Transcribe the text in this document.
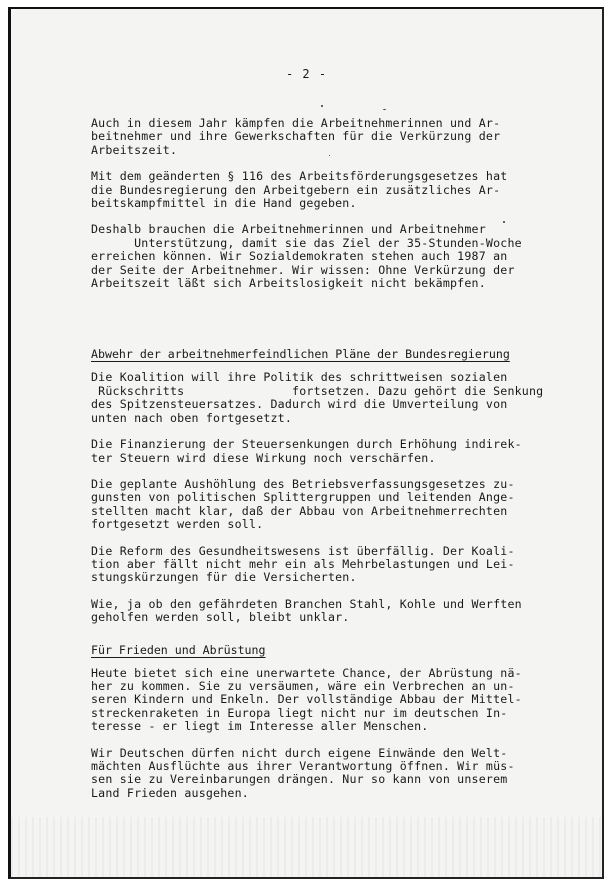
- 2 -

Auch in diesem Jahr kämpfen die Arbeitnehmerinnen und Ar-
beitnehmer und ihre Gewerkschaften für die Verkürzung der
Arbeitszeit.

Mit dem geänderten § 116 des Arbeitsförderungsgesetzes hat
die Bundesregierung den Arbeitgebern ein zusätzliches Ar-
beitskampfmittel in die Hand gegeben.

Deshalb brauchen die Arbeitnehmerinnen und Arbeitnehmer
Unterstützung, damit sie das Ziel der 35-Stunden-Woche
erreichen können. Wir Sozialdemokraten stehen auch 1987 an
der Seite der Arbeitnehmer. Wir wissen: Ohne Verkürzung der
Arbeitszeit läßt sich Arbeitslosigkeit nicht bekämpfen.

Abwehr der arbeitnehmerfeindlichen Pläne der Bundesregierung

Die Koalition will ihre Politik des schrittweisen sozialen
Rückschritts               fortsetzen. Dazu gehört die Senkung
des Spitzensteuersatzes. Dadurch wird die Umverteilung von
unten nach oben fortgesetzt.

Die Finanzierung der Steuersenkungen durch Erhöhung indirek-
ter Steuern wird diese Wirkung noch verschärfen.

Die geplante Aushöhlung des Betriebsverfassungsgesetzes zu-
gunsten von politischen Splittergruppen und leitenden Ange-
stellten macht klar, daß der Abbau von Arbeitnehmerrechten
fortgesetzt werden soll.

Die Reform des Gesundheitswesens ist überfällig. Der Koali-
tion aber fällt nicht mehr ein als Mehrbelastungen und Lei-
stungskürzungen für die Versicherten.

Wie, ja ob den gefährdeten Branchen Stahl, Kohle und Werften
geholfen werden soll, bleibt unklar.

Für Frieden und Abrüstung

Heute bietet sich eine unerwartete Chance, der Abrüstung nä-
her zu kommen. Sie zu versäumen, wäre ein Verbrechen an un-
seren Kindern und Enkeln. Der vollständige Abbau der Mittel-
streckenraketen in Europa liegt nicht nur im deutschen In-
teresse - er liegt im Interesse aller Menschen.

Wir Deutschen dürfen nicht durch eigene Einwände den Welt-
mächten Ausflüchte aus ihrer Verantwortung öffnen. Wir müs-
sen sie zu Vereinbarungen drängen. Nur so kann von unserem
Land Frieden ausgehen.
